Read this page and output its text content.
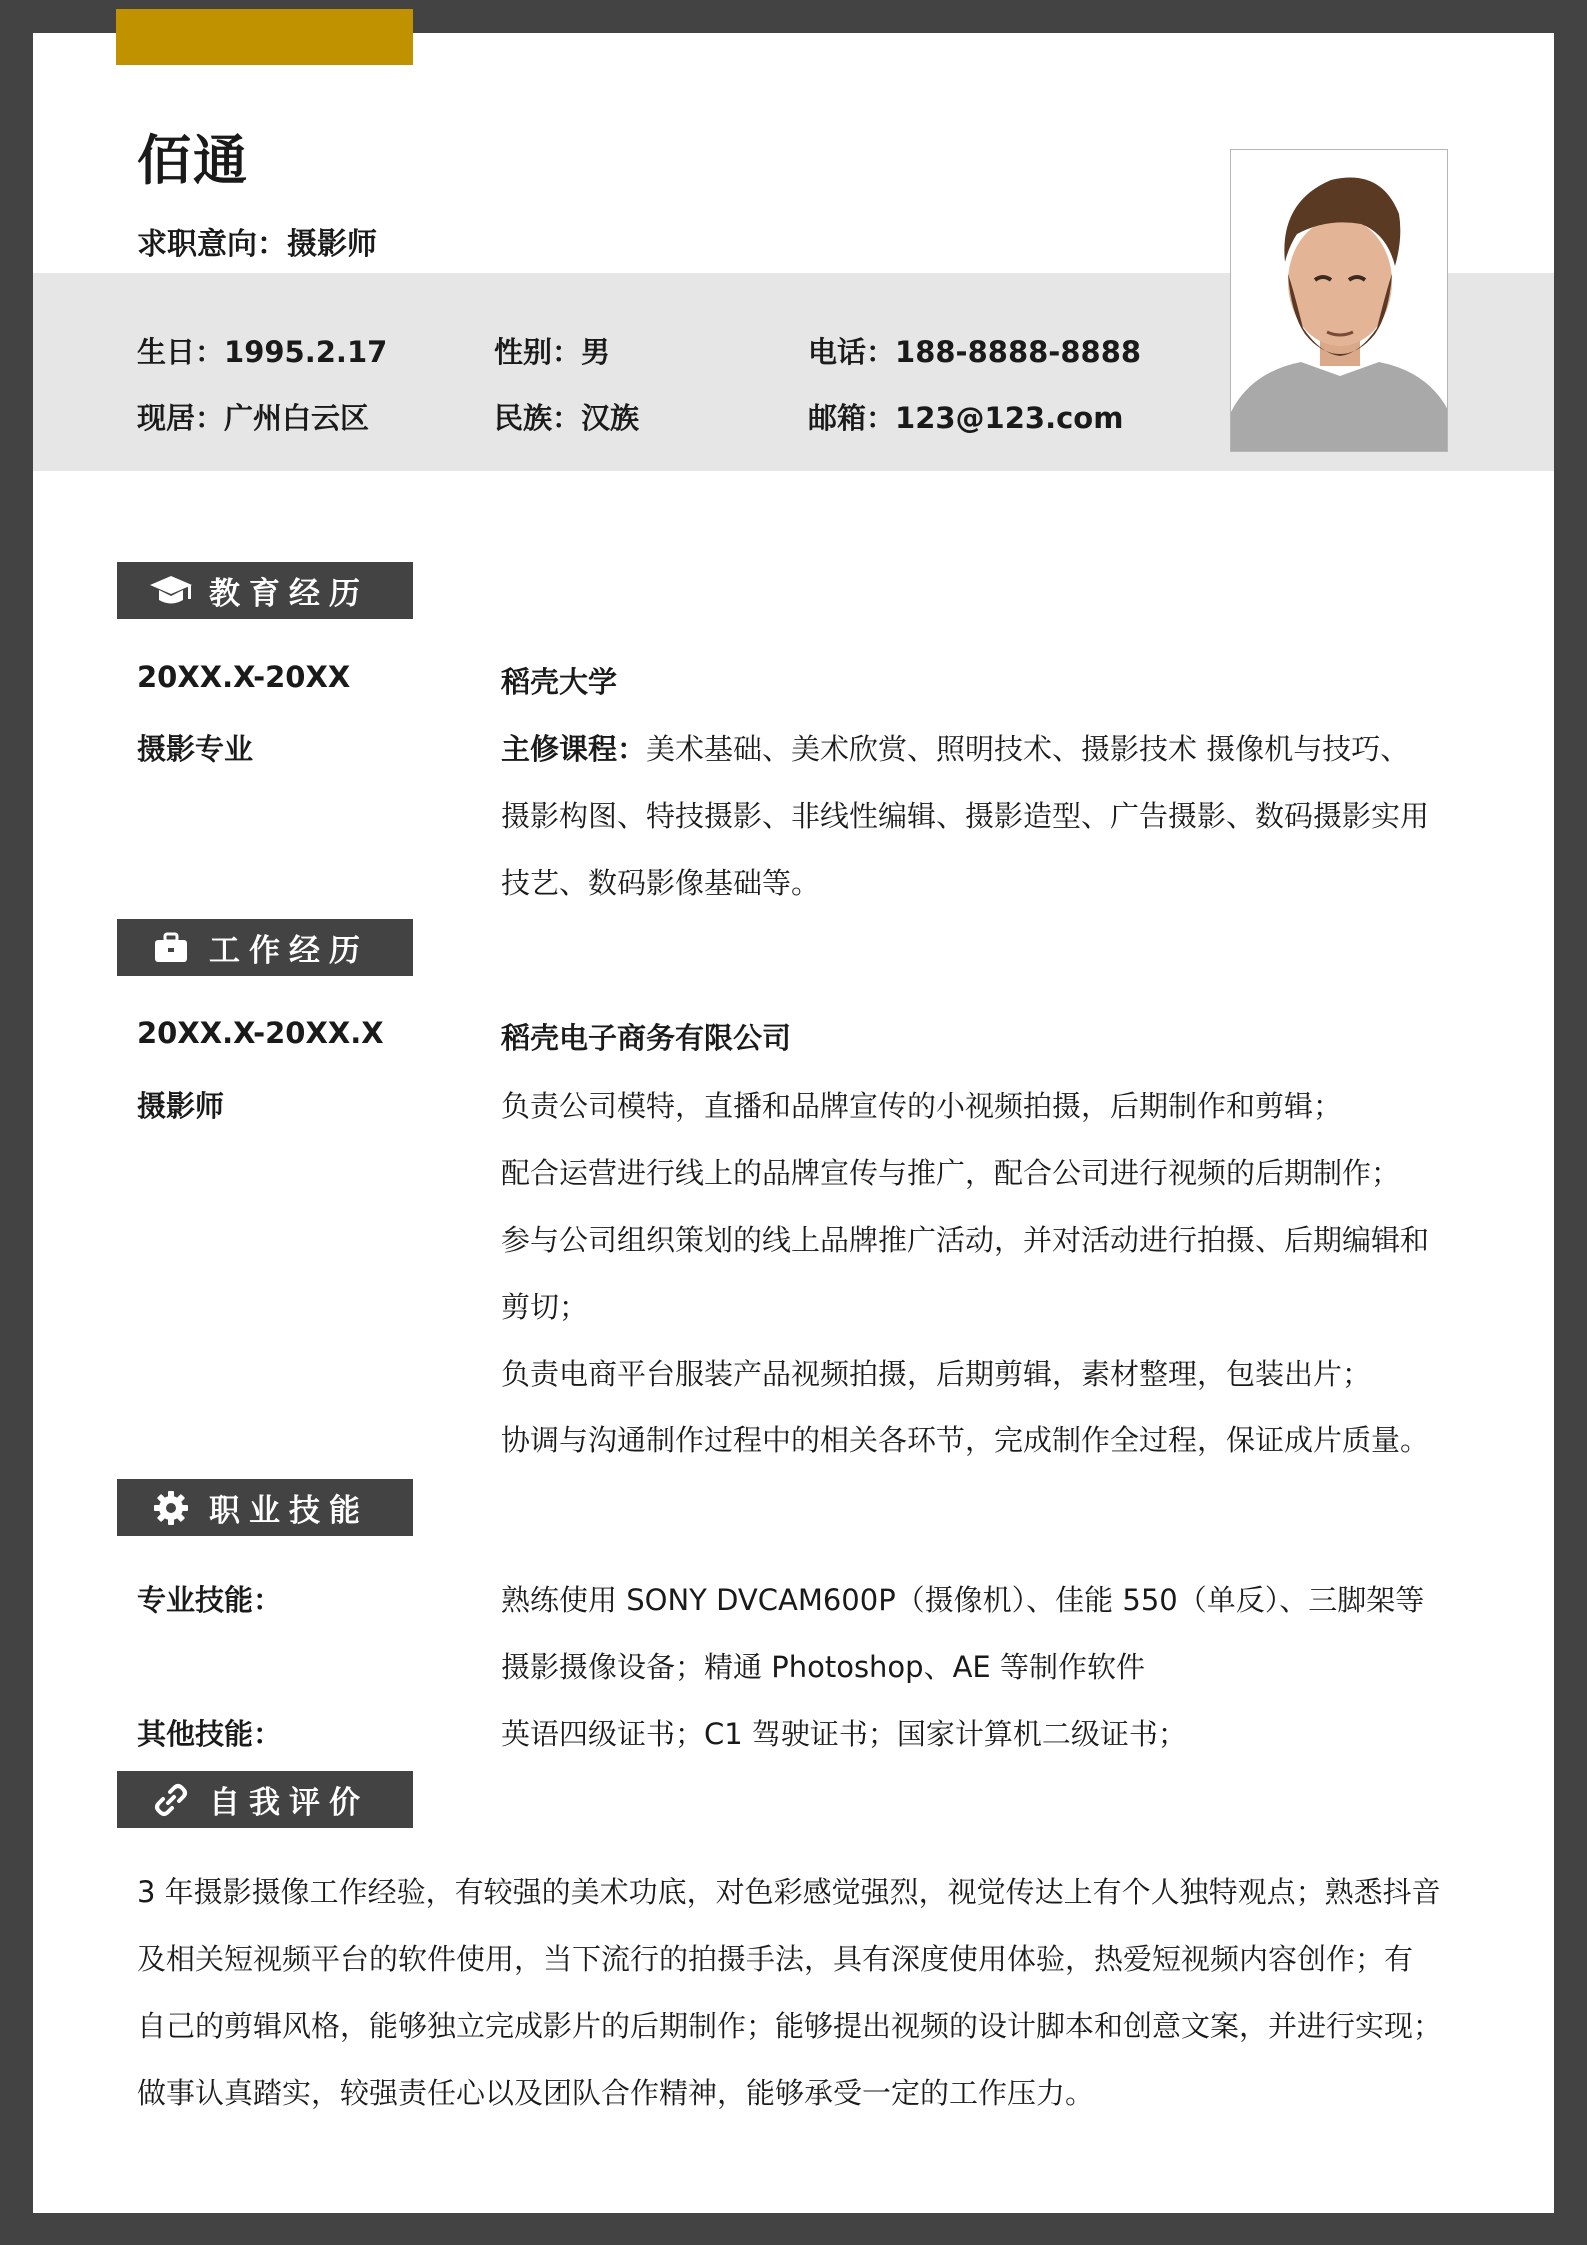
佰通
求职意向：摄影师
生日：1995.2.17	性别：男	电话：188-8888-8888
现居：广州白云区	民族：汉族	邮箱：123@123.com
教育经历
20XX.X-20XX	稻壳大学
摄影专业	主修课程：美术基础、美术欣赏、照明技术、摄影技术 摄像机与技巧、
摄影构图、特技摄影、非线性编辑、摄影造型、广告摄影、数码摄影实用
技艺、数码影像基础等。
工作经历
20XX.X-20XX.X	稻壳电子商务有限公司
摄影师	负责公司模特，直播和品牌宣传的小视频拍摄，后期制作和剪辑；
配合运营进行线上的品牌宣传与推广，配合公司进行视频的后期制作；
参与公司组织策划的线上品牌推广活动，并对活动进行拍摄、后期编辑和
剪切；
负责电商平台服装产品视频拍摄，后期剪辑，素材整理，包装出片；
协调与沟通制作过程中的相关各环节，完成制作全过程，保证成片质量。
职业技能
专业技能：	熟练使用 SONY DVCAM600P（摄像机）、佳能 550（单反）、三脚架等
摄影摄像设备；精通 Photoshop、AE 等制作软件
其他技能：	英语四级证书；C1 驾驶证书；国家计算机二级证书；
自我评价
3 年摄影摄像工作经验，有较强的美术功底，对色彩感觉强烈，视觉传达上有个人独特观点；熟悉抖音
及相关短视频平台的软件使用，当下流行的拍摄手法，具有深度使用体验，热爱短视频内容创作；有
自己的剪辑风格，能够独立完成影片的后期制作；能够提出视频的设计脚本和创意文案，并进行实现；
做事认真踏实，较强责任心以及团队合作精神，能够承受一定的工作压力。
